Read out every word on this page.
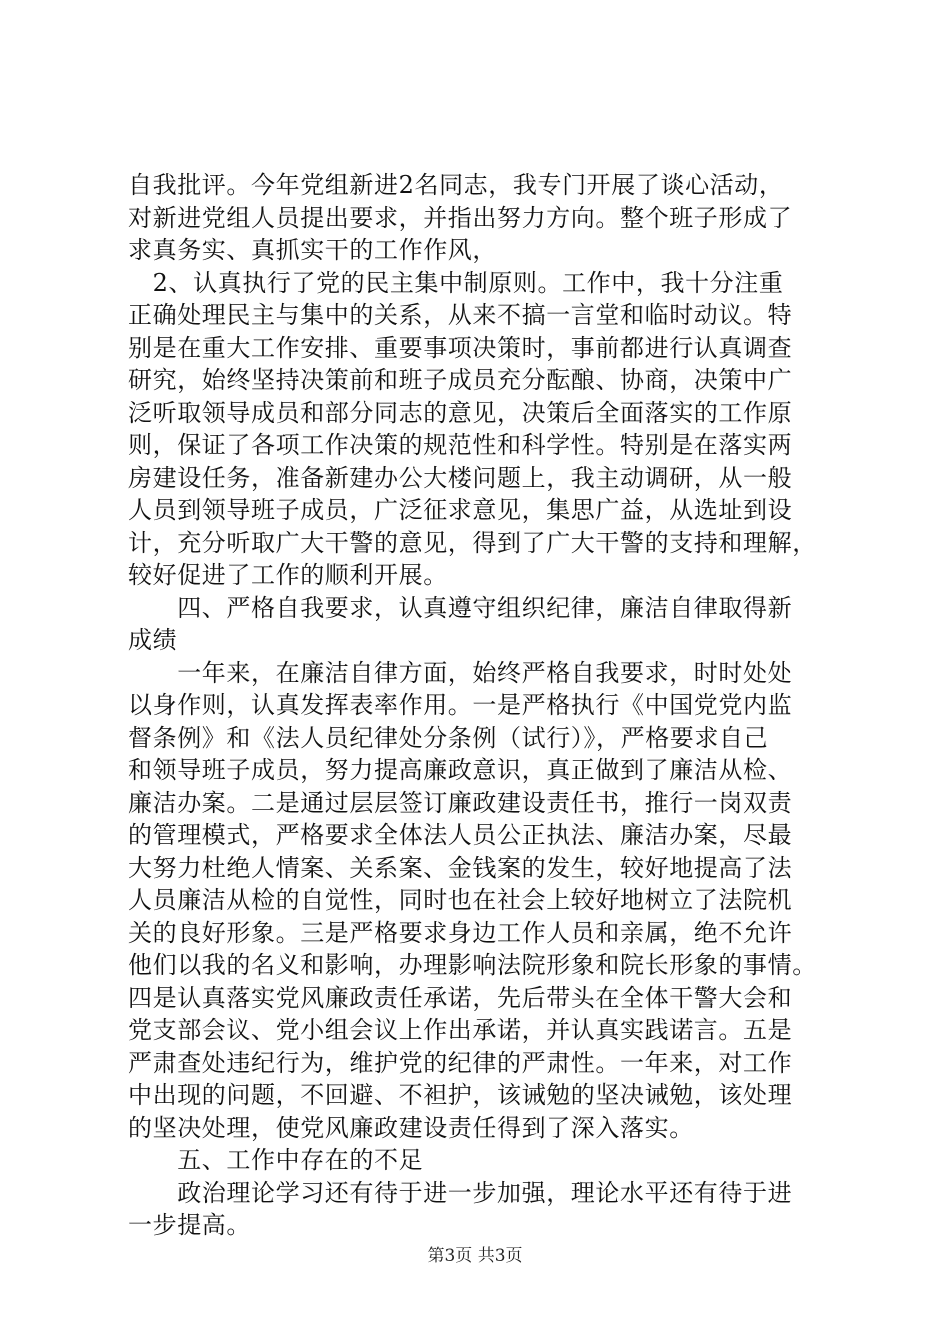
自我批评。今年党组新进2名同志，我专门开展了谈心活动，
对新进党组人员提出要求，并指出努力方向。整个班子形成了
求真务实、真抓实干的工作作风，
　2、认真执行了党的民主集中制原则。工作中，我十分注重
正确处理民主与集中的关系，从来不搞一言堂和临时动议。特
别是在重大工作安排、重要事项决策时，事前都进行认真调查
研究，始终坚持决策前和班子成员充分酝酿、协商，决策中广
泛听取领导成员和部分同志的意见，决策后全面落实的工作原
则，保证了各项工作决策的规范性和科学性。特别是在落实两
房建设任务，准备新建办公大楼问题上，我主动调研，从一般
人员到领导班子成员，广泛征求意见，集思广益，从选址到设
计，充分听取广大干警的意见，得到了广大干警的支持和理解，
较好促进了工作的顺利开展。
　　四、严格自我要求，认真遵守组织纪律，廉洁自律取得新
成绩
　　一年来，在廉洁自律方面，始终严格自我要求，时时处处
以身作则，认真发挥表率作用。一是严格执行《中国党党内监
督条例》和《法人员纪律处分条例（试行）》，严格要求自己
和领导班子成员，努力提高廉政意识，真正做到了廉洁从检、
廉洁办案。二是通过层层签订廉政建设责任书，推行一岗双责
的管理模式，严格要求全体法人员公正执法、廉洁办案，尽最
大努力杜绝人情案、关系案、金钱案的发生，较好地提高了法
人员廉洁从检的自觉性，同时也在社会上较好地树立了法院机
关的良好形象。三是严格要求身边工作人员和亲属，绝不允许
他们以我的名义和影响，办理影响法院形象和院长形象的事情。
四是认真落实党风廉政责任承诺，先后带头在全体干警大会和
党支部会议、党小组会议上作出承诺，并认真实践诺言。五是
严肃查处违纪行为，维护党的纪律的严肃性。一年来，对工作
中出现的问题，不回避、不袒护，该诫勉的坚决诫勉，该处理
的坚决处理，使党风廉政建设责任得到了深入落实。
　　五、工作中存在的不足
　　政治理论学习还有待于进一步加强，理论水平还有待于进
一步提高。
第3页 共3页
